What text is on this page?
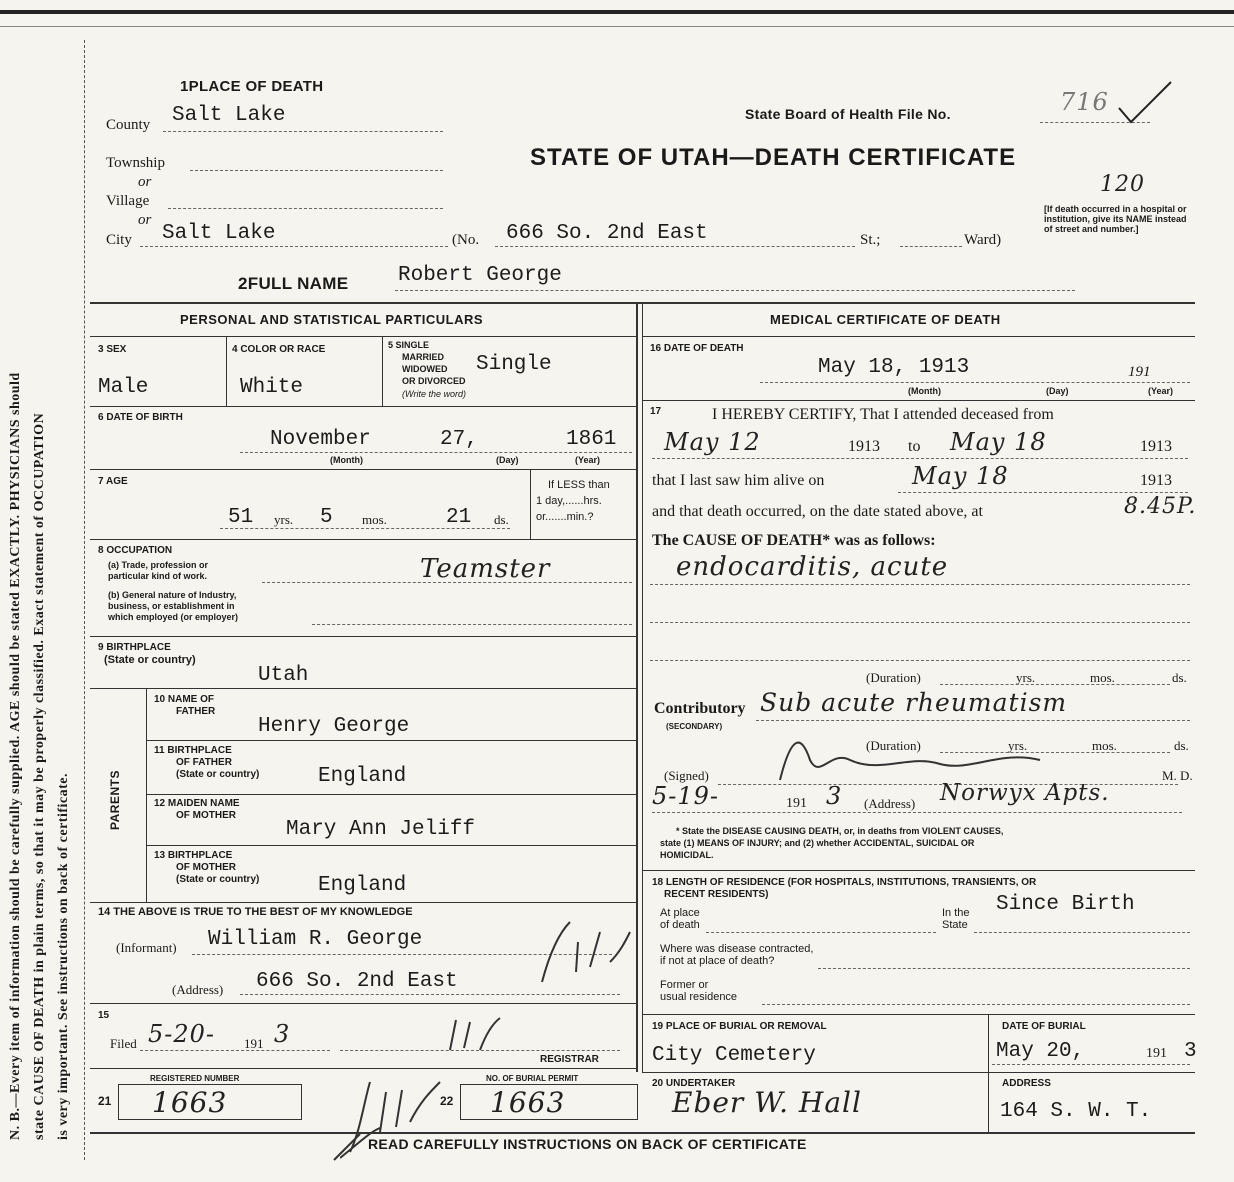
N. B.—Every item of information should be carefully supplied. AGE should be stated EXACTLY. PHYSICIANS should state CAUSE OF DEATH in plain terms, so that it may be properly classified. Exact statement of OCCUPATION is very important. See instructions on back of certificate.
1PLACE OF DEATH
County Salt Lake
Township
or
Village
or
City Salt Lake	(No. 666 So. 2nd East	St.;	Ward)
State Board of Health File No.	716
STATE OF UTAH—DEATH CERTIFICATE
120
[If death occurred in a hospital or institution, give its NAME instead of street and number.]
2FULL NAME Robert George
PERSONAL AND STATISTICAL PARTICULARS
3 SEX
Male
4 COLOR OR RACE
White
5 SINGLE
MARRIED
WIDOWED
OR DIVORCED
(Write the word)
Single
6 DATE OF BIRTH
November	27,	1861
(Month)	(Day)	(Year)
7 AGE
51 yrs. 5 mos.	21 ds.
If LESS than
1 day,......hrs.
or.......min.?
8 OCCUPATION
(a) Trade, profession or
particular kind of work.	Teamster
(b) General nature of Industry,
business, or establishment in
which employed (or employer)
9 BIRTHPLACE
(State or country)
Utah
PARENTS
10 NAME OF
FATHER
Henry George
11 BIRTHPLACE
OF FATHER
(State or country)	England
12 MAIDEN NAME
OF MOTHER
Mary Ann Jeliff
13 BIRTHPLACE
OF MOTHER
(State or country)	England
14 THE ABOVE IS TRUE TO THE BEST OF MY KNOWLEDGE
(Informant) William R. George
(Address) 666 So. 2nd East
15
Filed 5-20- 191 3
REGISTRAR
21
REGISTERED NUMBER
1663	22
NO. OF BURIAL PERMIT
1663
MEDICAL CERTIFICATE OF DEATH
16 DATE OF DEATH
May 18, 1913	191
(Month)	(Day)	(Year)
17	I HEREBY CERTIFY, That I attended deceased from
May 12	1913 to May 18	1913
that I last saw him alive on	May 18	1913
and that death occurred, on the date stated above, at	8.45P.
The CAUSE OF DEATH* was as follows:
endocarditis, acute
(Duration)	yrs.	mos.	ds.
Contributory
(SECONDARY)
Sub acute rheumatism
(Duration)	yrs.	mos.	ds.
(Signed)	M. D.
5-19-	191 3 (Address) Norwyx Apts.
* State the DISEASE CAUSING DEATH, or, in deaths from VIOLENT CAUSES,
state (1) MEANS OF INJURY; and (2) whether ACCIDENTAL, SUICIDAL OR
HOMICIDAL.
18 LENGTH OF RESIDENCE (FOR HOSPITALS, INSTITUTIONS, TRANSIENTS, OR
RECENT RESIDENTS)
At place
of death
In the
State
Since Birth
Where was disease contracted,
if not at place of death?
Former or
usual residence
19 PLACE OF BURIAL OR REMOVAL
City Cemetery
DATE OF BURIAL
May 20,	191 3
20 UNDERTAKER
Eber W. Hall
ADDRESS
164 S. W. T.
READ CAREFULLY INSTRUCTIONS ON BACK OF CERTIFICATE
